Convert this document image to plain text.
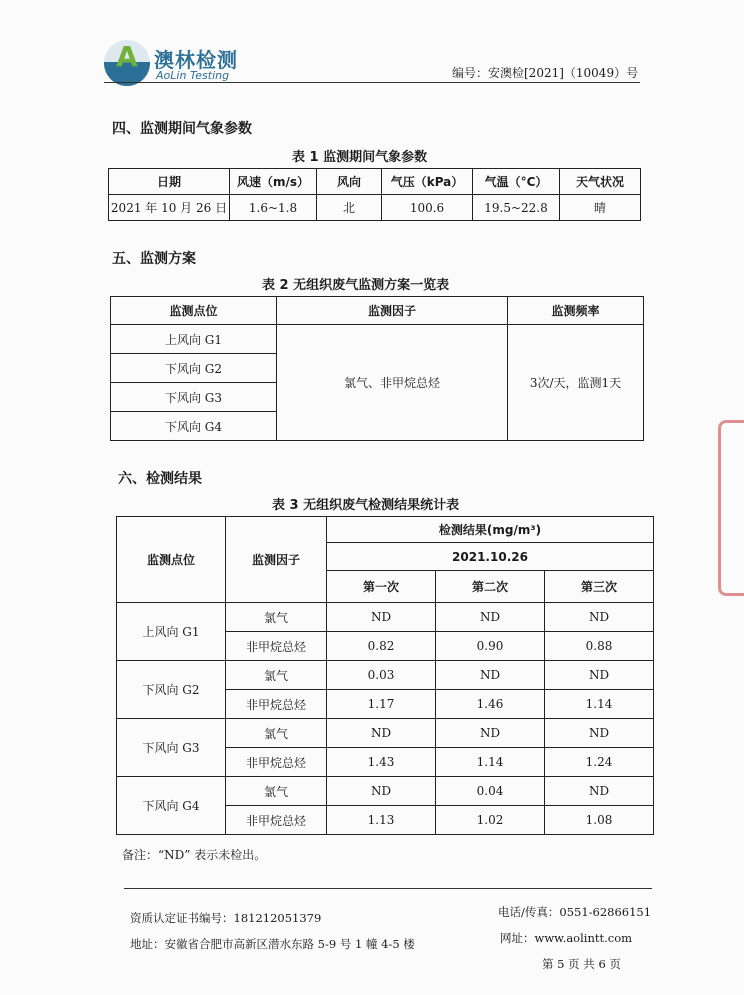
A 澳林检测
AoLin Testing	编号：安澳检[2021]（10049）号
四、监测期间气象参数
表 1 监测期间气象参数
日期	风速（m/s）	风向	气压（kPa）	气温（°C）	天气状况
2021 年 10 月 26 日	1.6~1.8	北	100.6	19.5~22.8	晴
五、监测方案
表 2 无组织废气监测方案一览表
监测点位	监测因子	监测频率
上风向 G1	氯气、非甲烷总烃	3次/天，监测1天
下风向 G2		
下风向 G3		
下风向 G4		
六、检测结果
表 3 无组织废气检测结果统计表
监测点位	监测因子	检测结果(mg/m³)		
		2021.10.26		
		第一次	第二次	第三次
上风向 G1	氯气	ND	ND	ND
	非甲烷总烃	0.82	0.90	0.88
下风向 G2	氯气	0.03	ND	ND
	非甲烷总烃	1.17	1.46	1.14
下风向 G3	氯气	ND	ND	ND
	非甲烷总烃	1.43	1.14	1.24
下风向 G4	氯气	ND	0.04	ND
	非甲烷总烃	1.13	1.02	1.08
备注：“ND” 表示未检出。
资质认定证书编号：181212051379	电话/传真：0551-62866151
地址：安徽省合肥市高新区潜水东路 5-9 号 1 幢 4-5 楼	网址：www.aolintt.com
第 5 页 共 6 页
